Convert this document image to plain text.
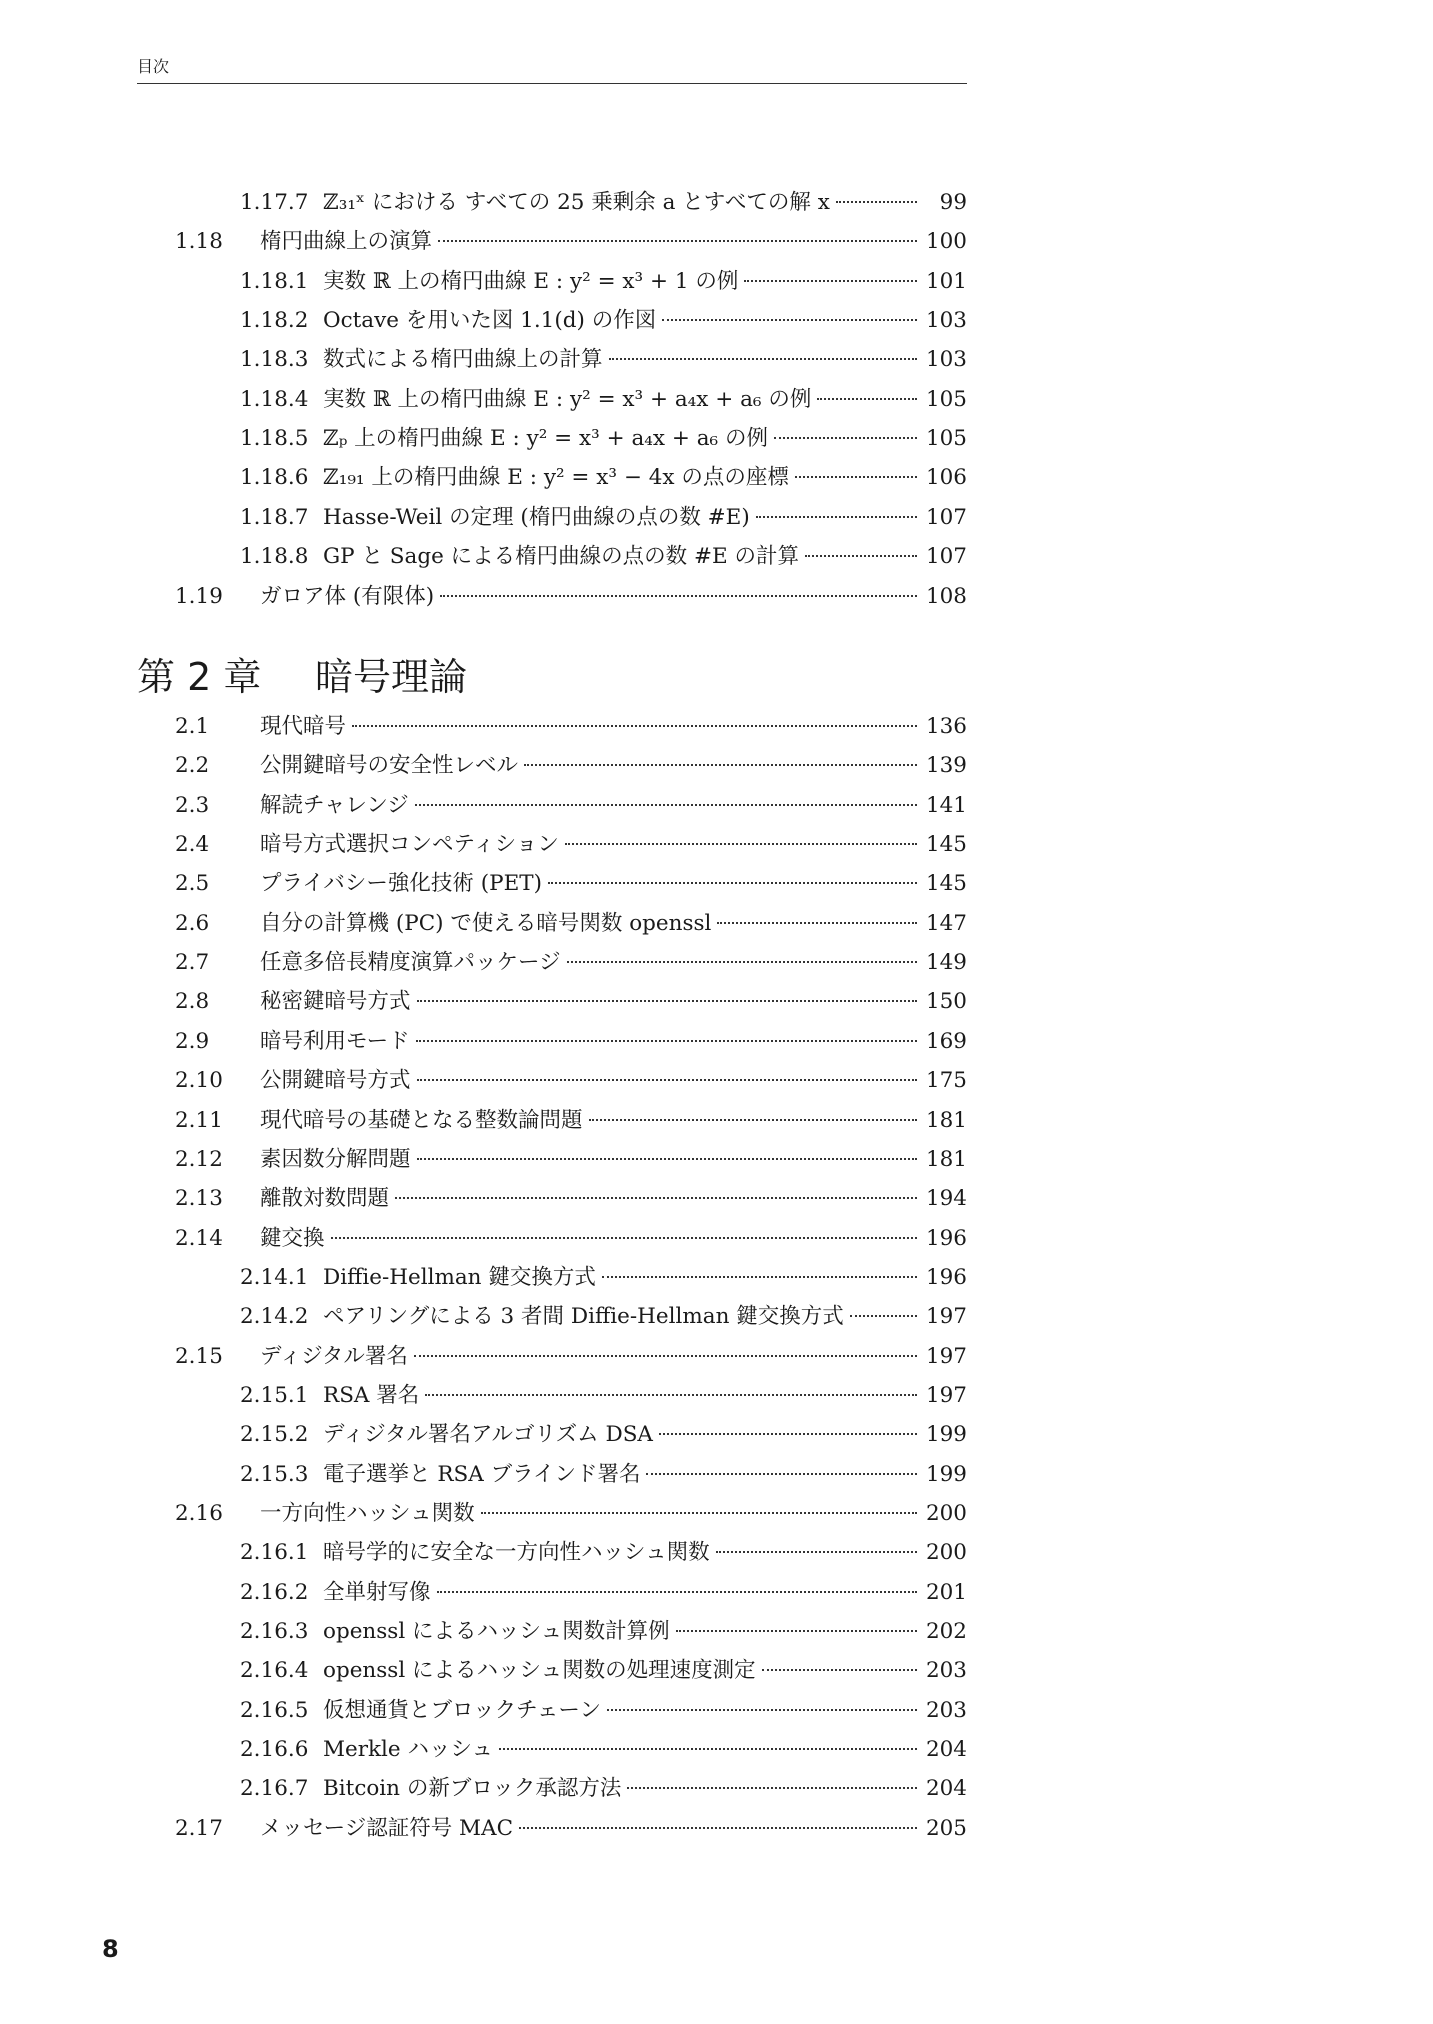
目次
1.17.7 ℤ₃₁ˣ における すべての 25 乗剰余 a とすべての解 x	99
1.18	楕円曲線上の演算	100
1.18.1 実数 ℝ 上の楕円曲線 E : y² = x³ + 1 の例	101
1.18.2 Octave を用いた図 1.1(d) の作図	103
1.18.3 数式による楕円曲線上の計算	103
1.18.4 実数 ℝ 上の楕円曲線 E : y² = x³ + a₄x + a₆ の例	105
1.18.5 ℤₚ 上の楕円曲線 E : y² = x³ + a₄x + a₆ の例	105
1.18.6 ℤ₁₉₁ 上の楕円曲線 E : y² = x³ − 4x の点の座標	106
1.18.7 Hasse-Weil の定理 (楕円曲線の点の数 #E)	107
1.18.8 GP と Sage による楕円曲線の点の数 #E の計算	107
1.19	ガロア体 (有限体)	108
2.1	現代暗号	136
2.2	公開鍵暗号の安全性レベル	139
2.3	解読チャレンジ	141
2.4	暗号方式選択コンペティション	145
2.5	プライバシー強化技術 (PET)	145
2.6	自分の計算機 (PC) で使える暗号関数 openssl	147
2.7	任意多倍長精度演算パッケージ	149
2.8	秘密鍵暗号方式	150
2.9	暗号利用モード	169
2.10	公開鍵暗号方式	175
2.11	現代暗号の基礎となる整数論問題	181
2.12	素因数分解問題	181
2.13	離散対数問題	194
2.14	鍵交換	196
2.14.1 Diffie-Hellman 鍵交換方式	196
2.14.2 ペアリングによる 3 者間 Diffie-Hellman 鍵交換方式	197
2.15	ディジタル署名	197
2.15.1 RSA 署名	197
2.15.2 ディジタル署名アルゴリズム DSA	199
2.15.3 電子選挙と RSA ブラインド署名	199
2.16	一方向性ハッシュ関数	200
2.16.1 暗号学的に安全な一方向性ハッシュ関数	200
2.16.2 全単射写像	201
2.16.3 openssl によるハッシュ関数計算例	202
2.16.4 openssl によるハッシュ関数の処理速度測定	203
2.16.5 仮想通貨とブロックチェーン	203
2.16.6 Merkle ハッシュ	204
2.16.7 Bitcoin の新ブロック承認方法	204
2.17	メッセージ認証符号 MAC	205
第 2 章 暗号理論
8
